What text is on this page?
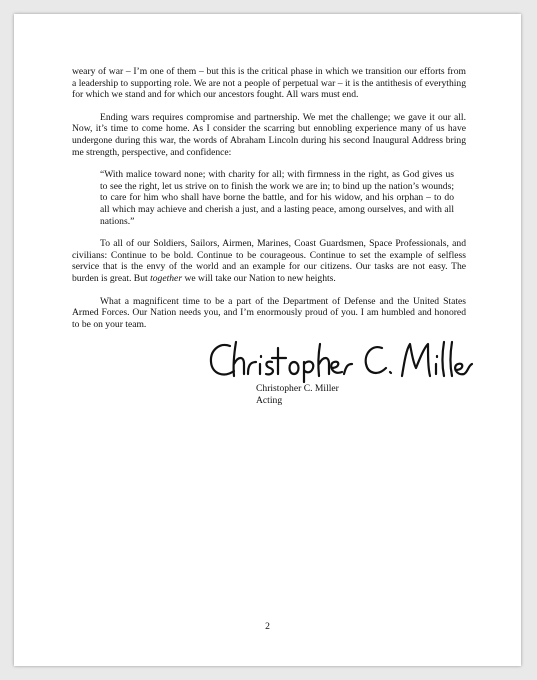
weary of war – I’m one of them – but this is the critical phase in which we transition our efforts from a leadership to supporting role. We are not a people of perpetual war – it is the antithesis of everything for which we stand and for which our ancestors fought. All wars must end.

Ending wars requires compromise and partnership. We met the challenge; we gave it our all. Now, it’s time to come home. As I consider the scarring but ennobling experience many of us have undergone during this war, the words of Abraham Lincoln during his second Inaugural Address bring me strength, perspective, and confidence:

“With malice toward none; with charity for all; with firmness in the right, as God gives us to see the right, let us strive on to finish the work we are in; to bind up the nation’s wounds; to care for him who shall have borne the battle, and for his widow, and his orphan – to do all which may achieve and cherish a just, and a lasting peace, among ourselves, and with all nations.”

To all of our Soldiers, Sailors, Airmen, Marines, Coast Guardsmen, Space Professionals, and civilians: Continue to be bold. Continue to be courageous. Continue to set the example of selfless service that is the envy of the world and an example for our citizens. Our tasks are not easy. The burden is great. But together we will take our Nation to new heights.

What a magnificent time to be a part of the Department of Defense and the United States Armed Forces. Our Nation needs you, and I’m enormously proud of you. I am humbled and honored to be on your team.

Christopher C. Miller
Acting
2
